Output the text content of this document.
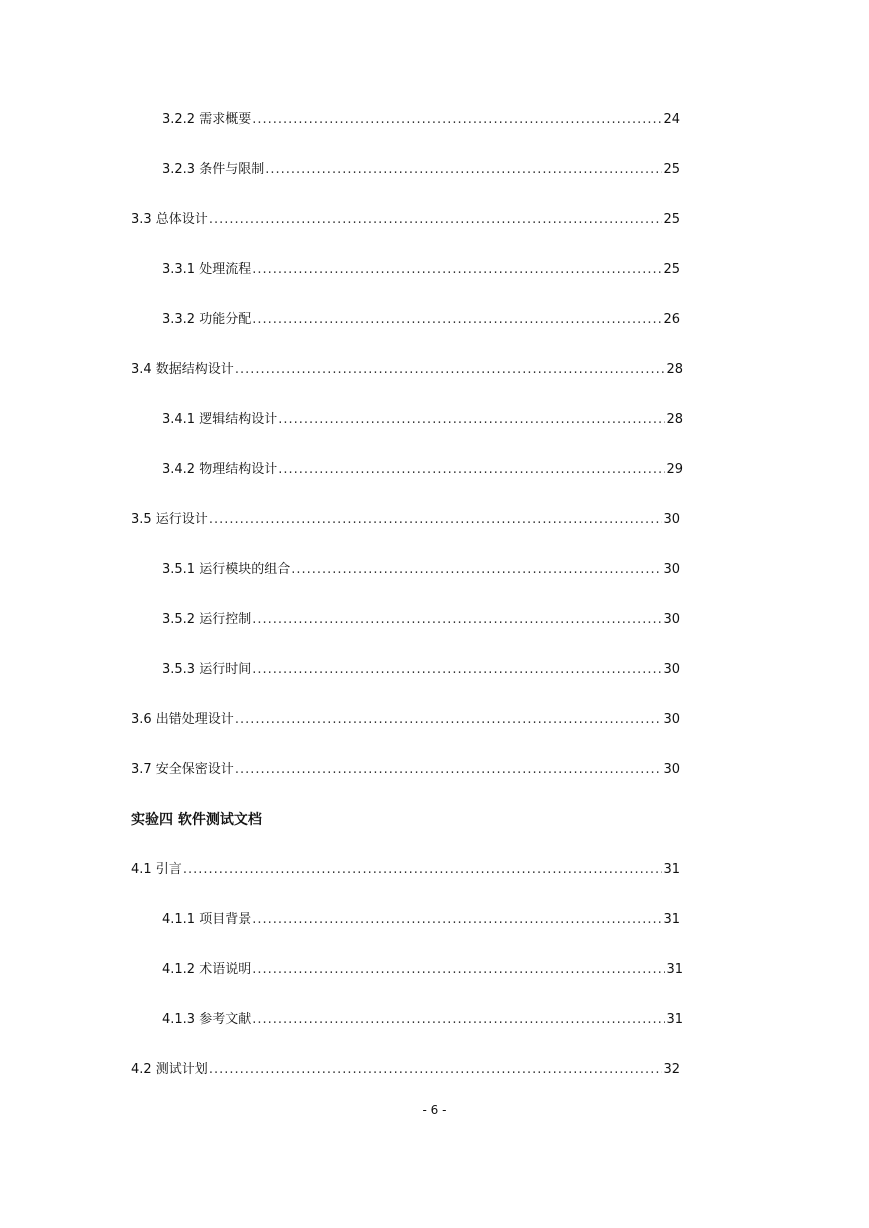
3.2.2 需求概要 .....	24
3.2.3 条件与限制 .....	25
3.3 总体设计 .....	25
3.3.1 处理流程 .....	25
3.3.2 功能分配 .....	26
3.4 数据结构设计 .....	28
3.4.1 逻辑结构设计 .....	28
3.4.2 物理结构设计 .....	29
3.5 运行设计 .....	30
3.5.1 运行模块的组合 .....	30
3.5.2 运行控制 .....	30
3.5.3 运行时间 .....	30
3.6 出错处理设计 .....	30
3.7 安全保密设计 .....	30
实验四 软件测试文档
4.1 引言 .....	31
4.1.1 项目背景 .....	31
4.1.2 术语说明 .....	31
4.1.3 参考文献 .....	31
4.2 测试计划 .....	32
- 6 -
